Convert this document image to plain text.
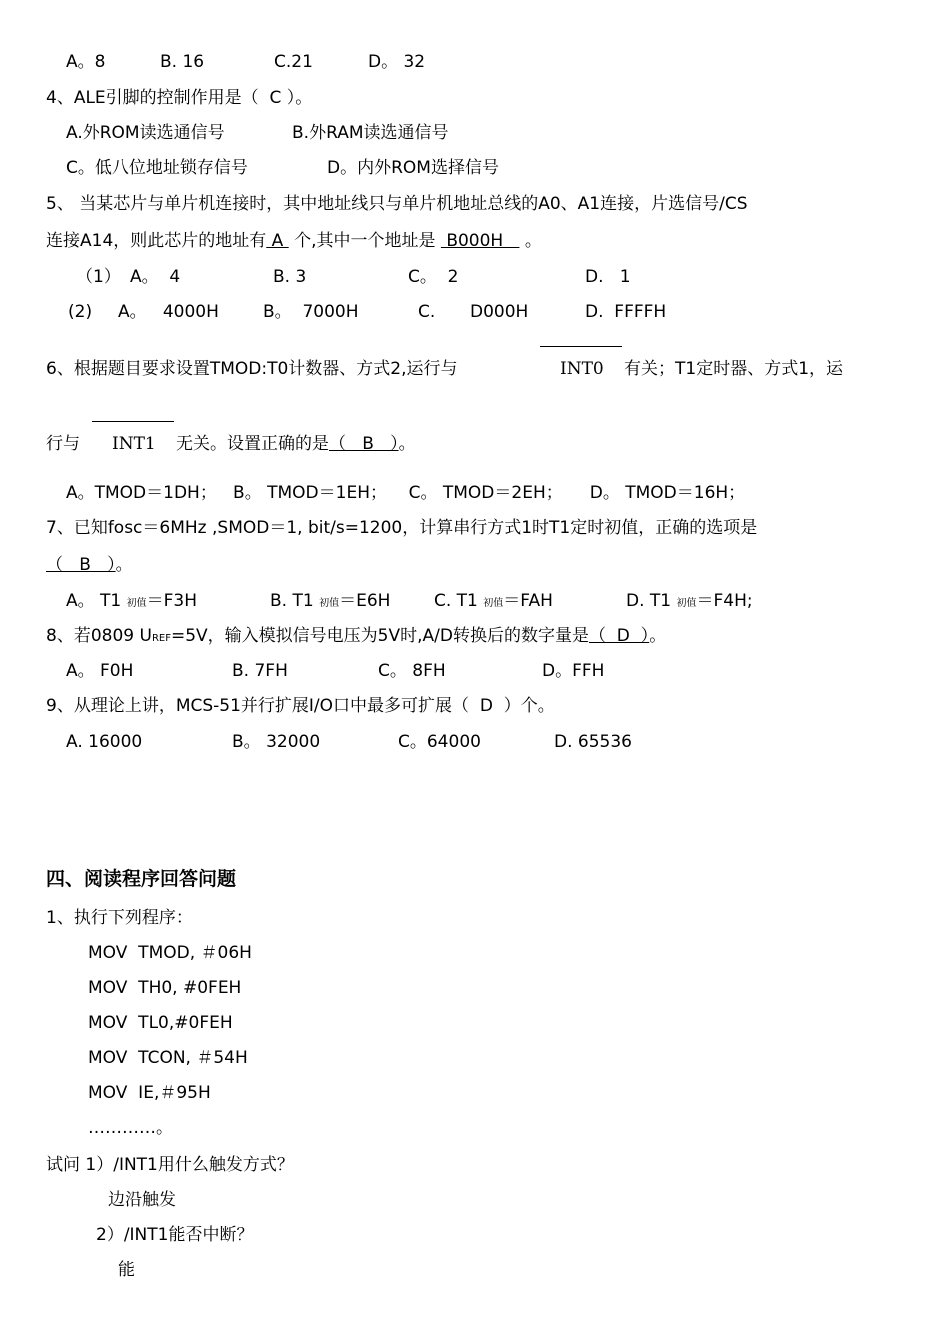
A。8	B. 16	C.21	D。 32
4、ALE引脚的控制作用是（  C ）。
A.外ROM读选通信号	B.外RAM读选通信号
C。低八位地址锁存信号	D。内外ROM选择信号
5、 当某芯片与单片机连接时，其中地址线只与单片机地址总线的A0、A1连接，片选信号/CS
连接A14，则此芯片的地址有 A  个,其中一个地址是  B000H    。
（1） A。  4	B. 3	C。  2	D.   1
(2) A。   4000H	B。  7000H	C. D000H	D.  FFFFH
6、根据题目要求设置TMOD:T0计数器、方式2,运行与	INT0 有关；T1定时器、方式1，运
行与 INT1 无关。设置正确的是（   B   ）。
A。TMOD＝1DH；   B。 TMOD＝1EH；    C。 TMOD＝2EH；     D。 TMOD＝16H；
7、已知fosc＝6MHz ,SMOD＝1, bit/s=1200，计算串行方式1时T1定时初值，正确的选项是
（   B   ）。
A。 T1 初值＝F3H	B. T1 初值＝E6H	C. T1 初值＝FAH	D. T1 初值＝F4H;
8、若0809 UREF=5V，输入模拟信号电压为5V时,A/D转换后的数字量是（  D  ）。
A。 F0H	B. 7FH	C。 8FH	D。FFH
9、从理论上讲，MCS-51并行扩展I/O口中最多可扩展（  D  ）个。
A. 16000	B。 32000	C。64000	D. 65536
四、阅读程序回答问题
1、执行下列程序：
MOV  TMOD, ＃06H
MOV  TH0, #0FEH
MOV  TL0,#0FEH
MOV  TCON, ＃54H
MOV  IE,＃95H
…………。
试问 1）/INT1用什么触发方式？
边沿触发
2）/INT1能否中断？
能
